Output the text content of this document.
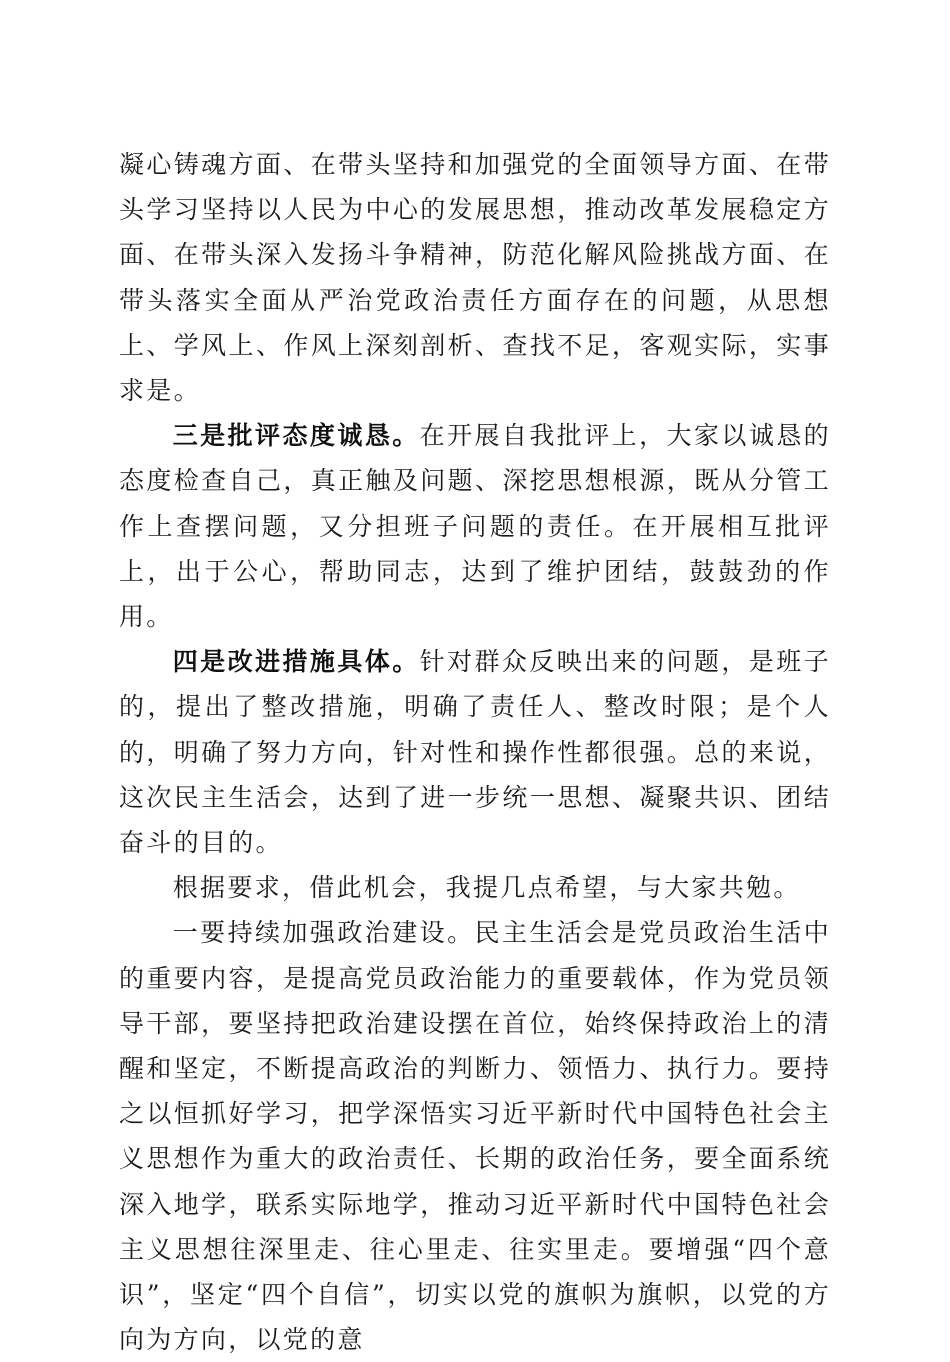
凝心铸魂方面、在带头坚持和加强党的全面领导方面、在带头学习坚持以人民为中心的发展思想，推动改革发展稳定方面、在带头深入发扬斗争精神，防范化解风险挑战方面、在带头落实全面从严治党政治责任方面存在的问题，从思想上、学风上、作风上深刻剖析、查找不足，客观实际，实事求是。

三是批评态度诚恳。在开展自我批评上，大家以诚恳的态度检查自己，真正触及问题、深挖思想根源，既从分管工作上查摆问题，又分担班子问题的责任。在开展相互批评上，出于公心，帮助同志，达到了维护团结，鼓鼓劲的作用。

四是改进措施具体。针对群众反映出来的问题，是班子的，提出了整改措施，明确了责任人、整改时限；是个人的，明确了努力方向，针对性和操作性都很强。总的来说，这次民主生活会，达到了进一步统一思想、凝聚共识、团结奋斗的目的。

根据要求，借此机会，我提几点希望，与大家共勉。

一要持续加强政治建设。民主生活会是党员政治生活中的重要内容，是提高党员政治能力的重要载体，作为党员领导干部，要坚持把政治建设摆在首位，始终保持政治上的清醒和坚定，不断提高政治的判断力、领悟力、执行力。要持之以恒抓好学习，把学深悟实习近平新时代中国特色社会主义思想作为重大的政治责任、长期的政治任务，要全面系统深入地学，联系实际地学，推动习近平新时代中国特色社会主义思想往深里走、往心里走、往实里走。要增强“四个意识”，坚定“四个自信”，切实以党的旗帜为旗帜，以党的方向为方向，以党的意
